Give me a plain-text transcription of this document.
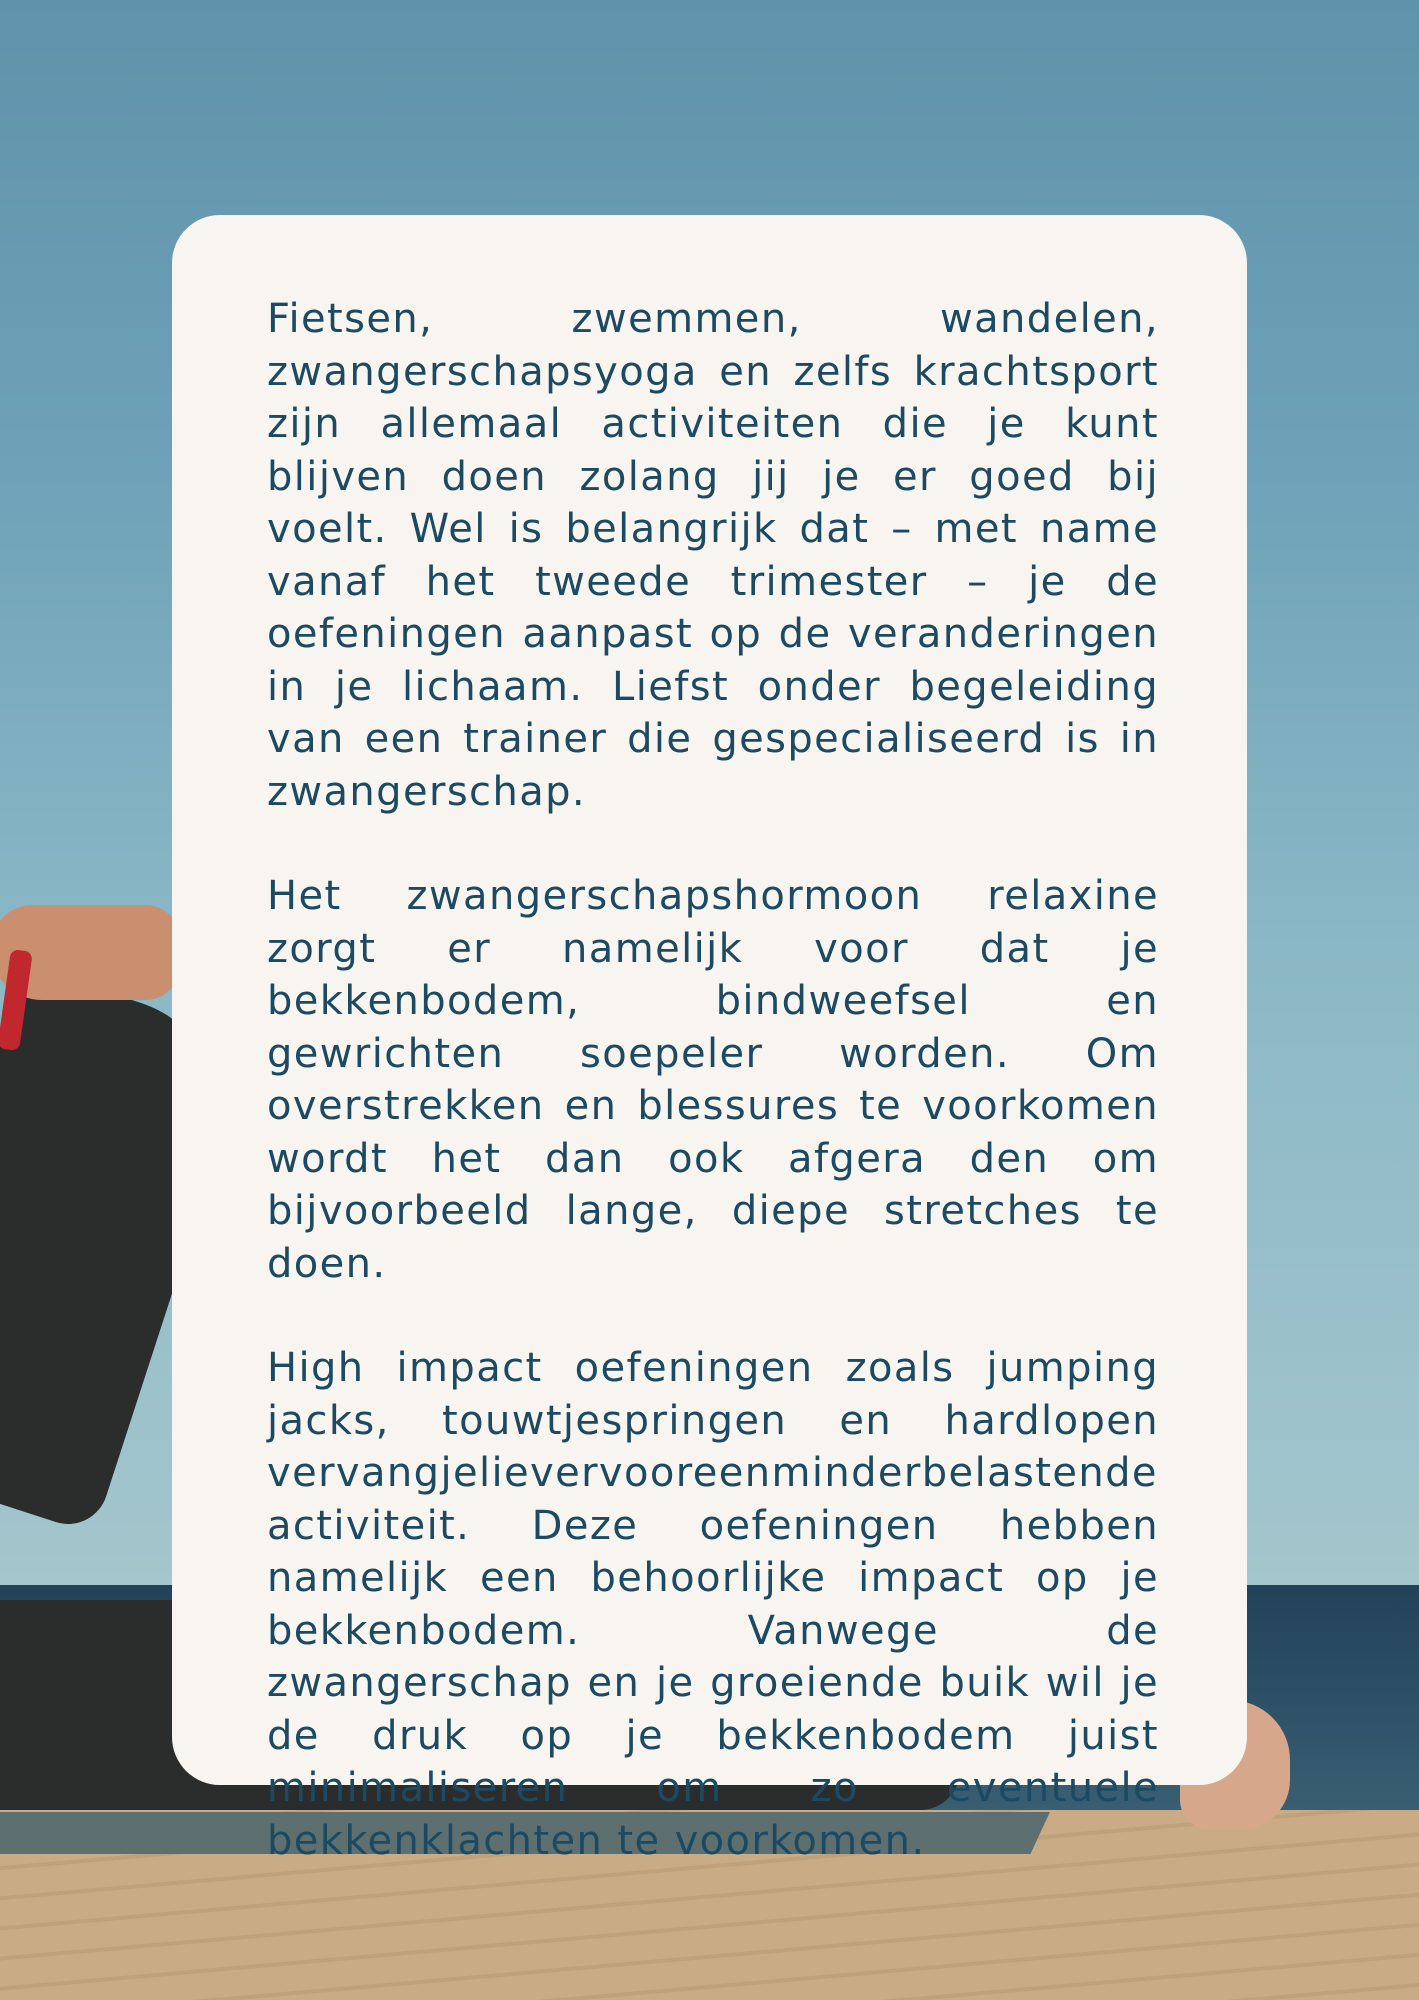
Fietsen, zwemmen, wandelen, zwangerschapsyoga en zelfs krachtsport zijn allemaal activiteiten die je kunt blijven doen zolang jij je er goed bij voelt. Wel is belangrijk dat – met name vanaf het tweede trimester – je de oefeningen aanpast op de veranderingen in je lichaam. Liefst onder begeleiding van een trainer die gespecialiseerd is in zwangerschap.

Het zwangerschapshormoon relaxine zorgt er namelijk voor dat je bekkenbodem, bindweefsel en gewrichten soepeler worden. Om overstrekken en blessures te voorkomen wordt het dan ook afgera den om bijvoorbeeld lange, diepe stretches te doen.

High impact oefeningen zoals jumping jacks, touwtjespringen en hardlopen vervangjelievervooreenminderbelastende activiteit. Deze oefeningen hebben namelijk een behoorlijke impact op je bekkenbodem. Vanwege de zwangerschap en je groeiende buik wil je de druk op je bekkenbodem juist minimaliseren om zo eventuele bekkenklachten te voorkomen.
